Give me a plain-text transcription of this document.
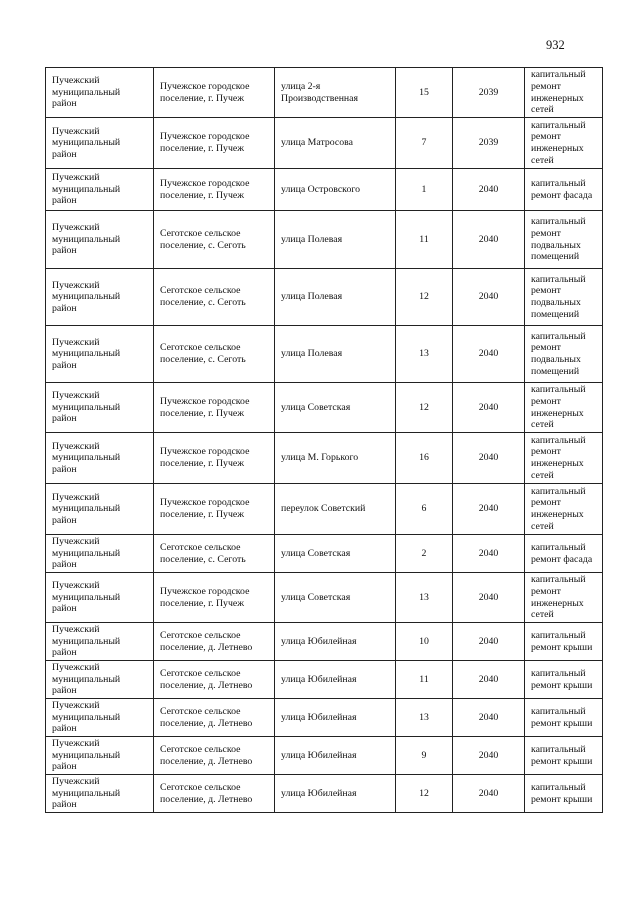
932
Пучежский муниципальный район	Пучежское городское поселение, г. Пучеж	улица 2-я Производственная	15	2039	капитальный ремонт инженерных сетей
Пучежский муниципальный район	Пучежское городское поселение, г. Пучеж	улица Матросова	7	2039	капитальный ремонт инженерных сетей
Пучежский муниципальный район	Пучежское городское поселение, г. Пучеж	улица Островского	1	2040	капитальный ремонт фасада
Пучежский муниципальный район	Сеготское сельское поселение, с. Сеготь	улица Полевая	11	2040	капитальный ремонт подвальных помещений
Пучежский муниципальный район	Сеготское сельское поселение, с. Сеготь	улица Полевая	12	2040	капитальный ремонт подвальных помещений
Пучежский муниципальный район	Сеготское сельское поселение, с. Сеготь	улица Полевая	13	2040	капитальный ремонт подвальных помещений
Пучежский муниципальный район	Пучежское городское поселение, г. Пучеж	улица Советская	12	2040	капитальный ремонт инженерных сетей
Пучежский муниципальный район	Пучежское городское поселение, г. Пучеж	улица М. Горького	16	2040	капитальный ремонт инженерных сетей
Пучежский муниципальный район	Пучежское городское поселение, г. Пучеж	переулок Советский	6	2040	капитальный ремонт инженерных сетей
Пучежский муниципальный район	Сеготское сельское поселение, с. Сеготь	улица Советская	2	2040	капитальный ремонт фасада
Пучежский муниципальный район	Пучежское городское поселение, г. Пучеж	улица Советская	13	2040	капитальный ремонт инженерных сетей
Пучежский муниципальный район	Сеготское сельское поселение, д. Летнево	улица Юбилейная	10	2040	капитальный ремонт крыши
Пучежский муниципальный район	Сеготское сельское поселение, д. Летнево	улица Юбилейная	11	2040	капитальный ремонт крыши
Пучежский муниципальный район	Сеготское сельское поселение, д. Летнево	улица Юбилейная	13	2040	капитальный ремонт крыши
Пучежский муниципальный район	Сеготское сельское поселение, д. Летнево	улица Юбилейная	9	2040	капитальный ремонт крыши
Пучежский муниципальный район	Сеготское сельское поселение, д. Летнево	улица Юбилейная	12	2040	капитальный ремонт крыши
